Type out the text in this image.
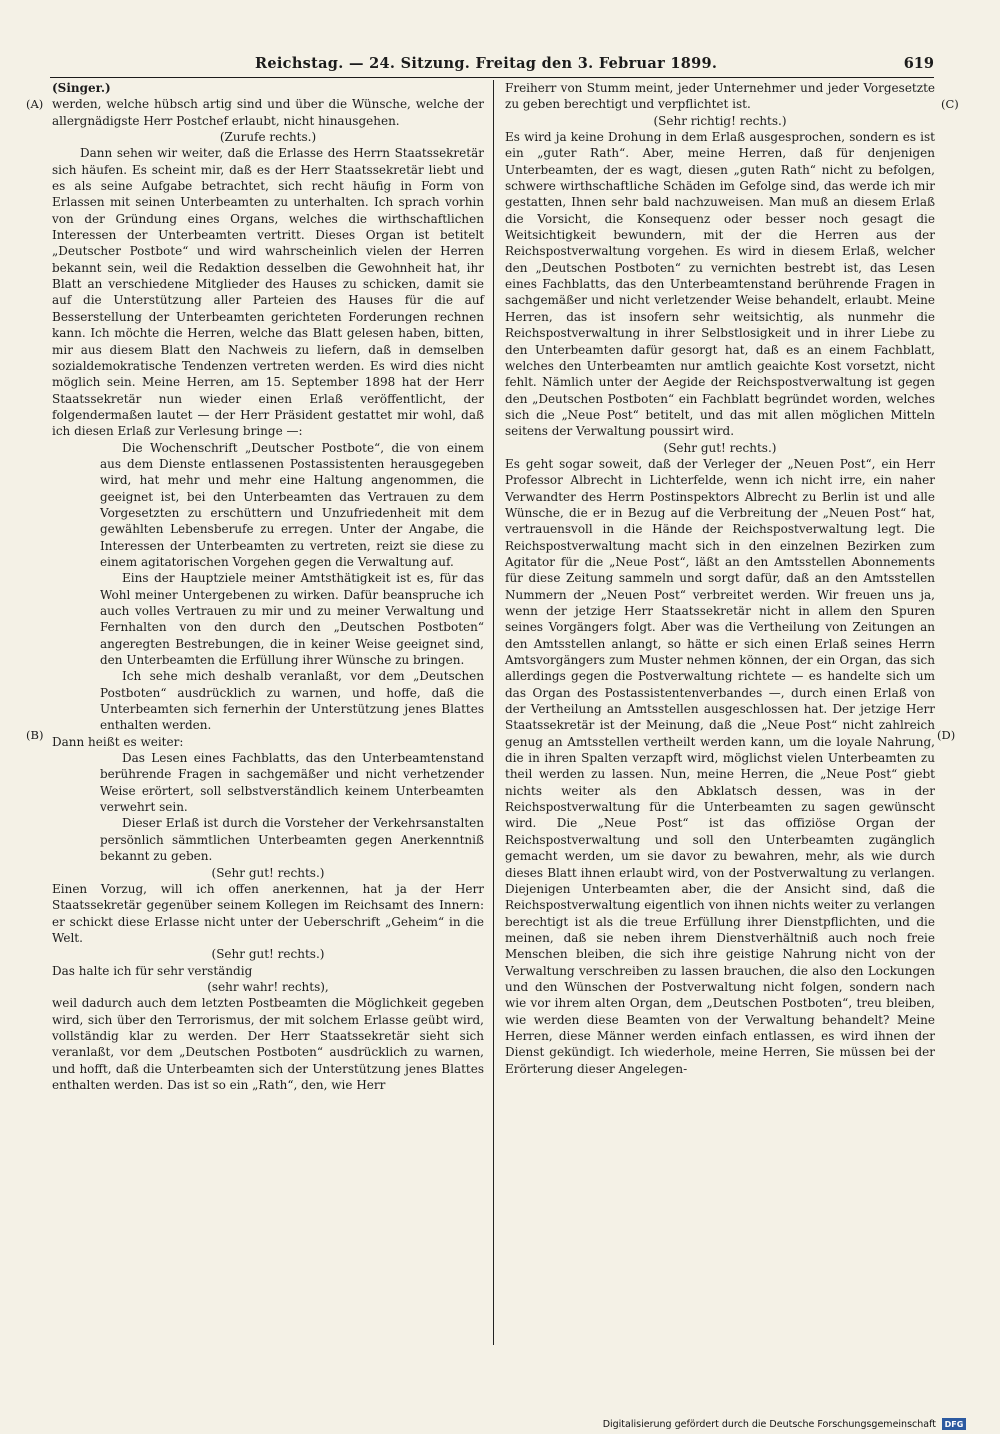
Reichstag. — 24. Sitzung. Freitag den 3. Februar 1899.	619
(A)
(B)
(C)
(D)

(Singer.)

werden, welche hübsch artig sind und über die Wünsche, welche der allergnädigste Herr Postchef erlaubt, nicht hinausgehen.

(Zurufe rechts.)

Dann sehen wir weiter, daß die Erlasse des Herrn Staatssekretär sich häufen. Es scheint mir, daß es der Herr Staatssekretär liebt und es als seine Aufgabe betrachtet, sich recht häufig in Form von Erlassen mit seinen Unterbeamten zu unterhalten. Ich sprach vorhin von der Gründung eines Organs, welches die wirthschaftlichen Interessen der Unterbeamten vertritt. Dieses Organ ist betitelt „Deutscher Postbote“ und wird wahrscheinlich vielen der Herren bekannt sein, weil die Redaktion desselben die Gewohnheit hat, ihr Blatt an verschiedene Mitglieder des Hauses zu schicken, damit sie auf die Unterstützung aller Parteien des Hauses für die auf Besserstellung der Unterbeamten gerichteten Forderungen rechnen kann. Ich möchte die Herren, welche das Blatt gelesen haben, bitten, mir aus diesem Blatt den Nachweis zu liefern, daß in demselben sozialdemokratische Tendenzen vertreten werden. Es wird dies nicht möglich sein. Meine Herren, am 15. September 1898 hat der Herr Staatssekretär nun wieder einen Erlaß veröffentlicht, der folgendermaßen lautet — der Herr Präsident gestattet mir wohl, daß ich diesen Erlaß zur Verlesung bringe —:

Die Wochenschrift „Deutscher Postbote“, die von einem aus dem Dienste entlassenen Postassistenten herausgegeben wird, hat mehr und mehr eine Haltung angenommen, die geeignet ist, bei den Unterbeamten das Vertrauen zu dem Vorgesetzten zu erschüttern und Unzufriedenheit mit dem gewählten Lebensberufe zu erregen. Unter der Angabe, die Interessen der Unterbeamten zu vertreten, reizt sie diese zu einem agitatorischen Vorgehen gegen die Verwaltung auf.

Eins der Hauptziele meiner Amtsthätigkeit ist es, für das Wohl meiner Untergebenen zu wirken. Dafür beanspruche ich auch volles Vertrauen zu mir und zu meiner Verwaltung und Fernhalten von den durch den „Deutschen Postboten“ angeregten Bestrebungen, die in keiner Weise geeignet sind, den Unterbeamten die Erfüllung ihrer Wünsche zu bringen.

Ich sehe mich deshalb veranlaßt, vor dem „Deutschen Postboten“ ausdrücklich zu warnen, und hoffe, daß die Unterbeamten sich fernerhin der Unterstützung jenes Blattes enthalten werden.

Dann heißt es weiter:

Das Lesen eines Fachblatts, das den Unterbeamtenstand berührende Fragen in sachgemäßer und nicht verhetzender Weise erörtert, soll selbstverständlich keinem Unterbeamten verwehrt sein.

Dieser Erlaß ist durch die Vorsteher der Verkehrsanstalten persönlich sämmtlichen Unterbeamten gegen Anerkenntniß bekannt zu geben.

(Sehr gut! rechts.)

Einen Vorzug, will ich offen anerkennen, hat ja der Herr Staatssekretär gegenüber seinem Kollegen im Reichsamt des Innern: er schickt diese Erlasse nicht unter der Ueberschrift „Geheim“ in die Welt.

(Sehr gut! rechts.)

Das halte ich für sehr verständig

(sehr wahr! rechts),

weil dadurch auch dem letzten Postbeamten die Möglichkeit gegeben wird, sich über den Terrorismus, der mit solchem Erlasse geübt wird, vollständig klar zu werden. Der Herr Staatssekretär sieht sich veranlaßt, vor dem „Deutschen Postboten“ ausdrücklich zu warnen, und hofft, daß die Unterbeamten sich der Unterstützung jenes Blattes enthalten werden. Das ist so ein „Rath“, den, wie Herr

Freiherr von Stumm meint, jeder Unternehmer und jeder Vorgesetzte zu geben berechtigt und verpflichtet ist.

(Sehr richtig! rechts.)

Es wird ja keine Drohung in dem Erlaß ausgesprochen, sondern es ist ein „guter Rath“. Aber, meine Herren, daß für denjenigen Unterbeamten, der es wagt, diesen „guten Rath“ nicht zu befolgen, schwere wirthschaftliche Schäden im Gefolge sind, das werde ich mir gestatten, Ihnen sehr bald nachzuweisen. Man muß an diesem Erlaß die Vorsicht, die Konsequenz oder besser noch gesagt die Weitsichtigkeit bewundern, mit der die Herren aus der Reichspostverwaltung vorgehen. Es wird in diesem Erlaß, welcher den „Deutschen Postboten“ zu vernichten bestrebt ist, das Lesen eines Fachblatts, das den Unterbeamtenstand berührende Fragen in sachgemäßer und nicht verletzender Weise behandelt, erlaubt. Meine Herren, das ist insofern sehr weitsichtig, als nunmehr die Reichspostverwaltung in ihrer Selbstlosigkeit und in ihrer Liebe zu den Unterbeamten dafür gesorgt hat, daß es an einem Fachblatt, welches den Unterbeamten nur amtlich geaichte Kost vorsetzt, nicht fehlt. Nämlich unter der Aegide der Reichspostverwaltung ist gegen den „Deutschen Postboten“ ein Fachblatt begründet worden, welches sich die „Neue Post“ betitelt, und das mit allen möglichen Mitteln seitens der Verwaltung poussirt wird.

(Sehr gut! rechts.)

Es geht sogar soweit, daß der Verleger der „Neuen Post“, ein Herr Professor Albrecht in Lichterfelde, wenn ich nicht irre, ein naher Verwandter des Herrn Postinspektors Albrecht zu Berlin ist und alle Wünsche, die er in Bezug auf die Verbreitung der „Neuen Post“ hat, vertrauensvoll in die Hände der Reichspostverwaltung legt. Die Reichspostverwaltung macht sich in den einzelnen Bezirken zum Agitator für die „Neue Post“, läßt an den Amtsstellen Abonnements für diese Zeitung sammeln und sorgt dafür, daß an den Amtsstellen Nummern der „Neuen Post“ verbreitet werden. Wir freuen uns ja, wenn der jetzige Herr Staatssekretär nicht in allem den Spuren seines Vorgängers folgt. Aber was die Vertheilung von Zeitungen an den Amtsstellen anlangt, so hätte er sich einen Erlaß seines Herrn Amtsvorgängers zum Muster nehmen können, der ein Organ, das sich allerdings gegen die Postverwaltung richtete — es handelte sich um das Organ des Postassistentenverbandes —, durch einen Erlaß von der Vertheilung an Amtsstellen ausgeschlossen hat. Der jetzige Herr Staatssekretär ist der Meinung, daß die „Neue Post“ nicht zahlreich genug an Amtsstellen vertheilt werden kann, um die loyale Nahrung, die in ihren Spalten verzapft wird, möglichst vielen Unterbeamten zu theil werden zu lassen. Nun, meine Herren, die „Neue Post“ giebt nichts weiter als den Abklatsch dessen, was in der Reichspostverwaltung für die Unterbeamten zu sagen gewünscht wird. Die „Neue Post“ ist das offiziöse Organ der Reichspostverwaltung und soll den Unterbeamten zugänglich gemacht werden, um sie davor zu bewahren, mehr, als wie durch dieses Blatt ihnen erlaubt wird, von der Postverwaltung zu verlangen. Diejenigen Unterbeamten aber, die der Ansicht sind, daß die Reichspostverwaltung eigentlich von ihnen nichts weiter zu verlangen berechtigt ist als die treue Erfüllung ihrer Dienstpflichten, und die meinen, daß sie neben ihrem Dienstverhältniß auch noch freie Menschen bleiben, die sich ihre geistige Nahrung nicht von der Verwaltung verschreiben zu lassen brauchen, die also den Lockungen und den Wünschen der Postverwaltung nicht folgen, sondern nach wie vor ihrem alten Organ, dem „Deutschen Postboten“, treu bleiben, wie werden diese Beamten von der Verwaltung behandelt? Meine Herren, diese Männer werden einfach entlassen, es wird ihnen der Dienst gekündigt. Ich wiederhole, meine Herren, Sie müssen bei der Erörterung dieser Angelegen-

Digitalisierung gefördert durch die Deutsche Forschungsgemeinschaft	DFG
